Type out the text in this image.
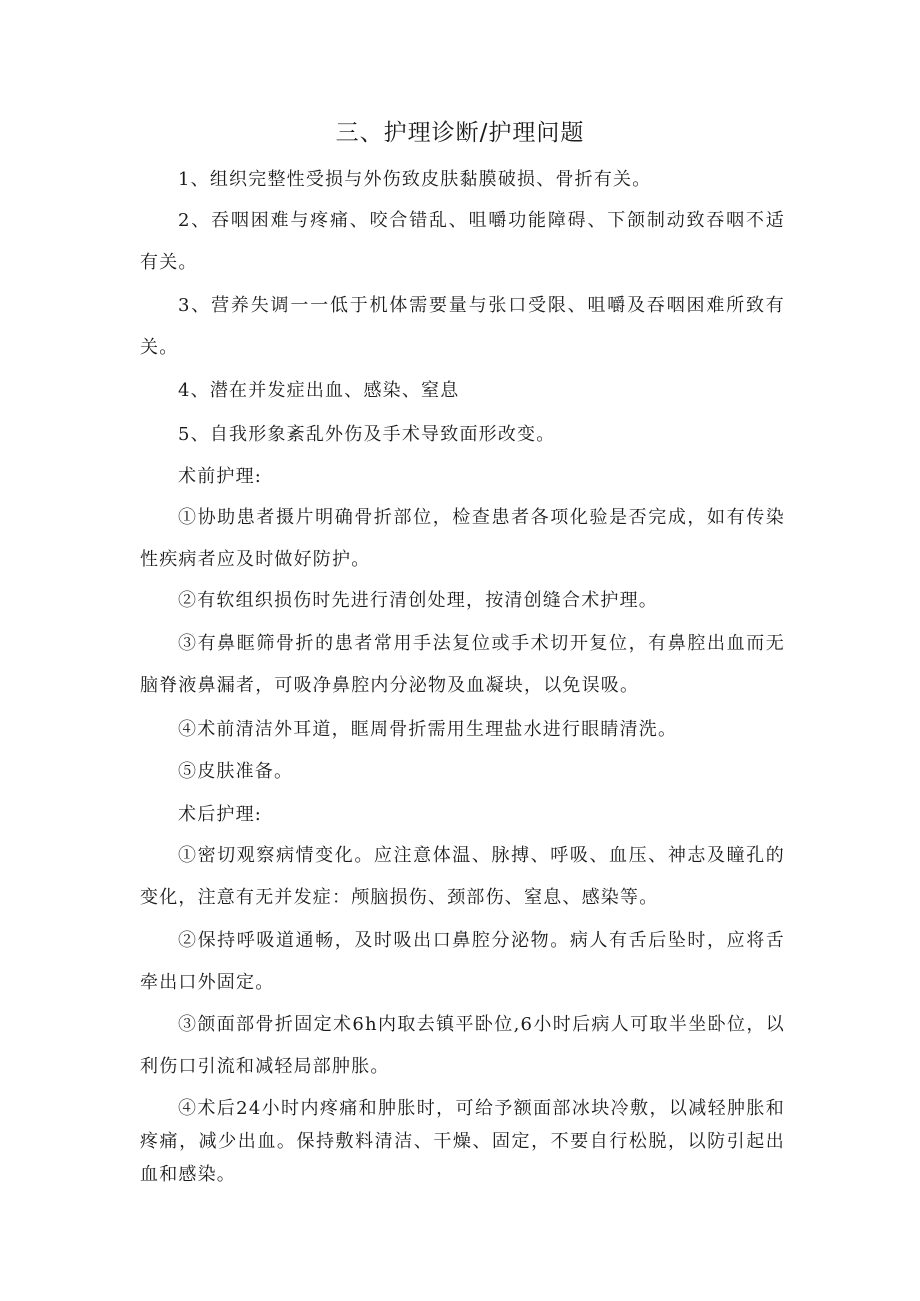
三、护理诊断/护理问题

1、组织完整性受损与外伤致皮肤黏膜破损、骨折有关。

2、吞咽困难与疼痛、咬合错乱、咀嚼功能障碍、下颌制动致吞咽不适有关。

3、营养失调一一低于机体需要量与张口受限、咀嚼及吞咽困难所致有关。

4、潜在并发症出血、感染、窒息

5、自我形象紊乱外伤及手术导致面形改变。

术前护理:

①协助患者摄片明确骨折部位，检查患者各项化验是否完成，如有传染性疾病者应及时做好防护。

②有软组织损伤时先进行清创处理，按清创缝合术护理。

③有鼻眶筛骨折的患者常用手法复位或手术切开复位，有鼻腔出血而无脑脊液鼻漏者，可吸净鼻腔内分泌物及血凝块，以免误吸。

④术前清洁外耳道，眶周骨折需用生理盐水进行眼睛清洗。

⑤皮肤准备。

术后护理:

①密切观察病情变化。应注意体温、脉搏、呼吸、血压、神志及瞳孔的变化，注意有无并发症：颅脑损伤、颈部伤、窒息、感染等。

②保持呼吸道通畅，及时吸出口鼻腔分泌物。病人有舌后坠时，应将舌牵出口外固定。

③颌面部骨折固定术6h内取去镇平卧位,6小时后病人可取半坐卧位，以利伤口引流和减轻局部肿胀。

④术后24小时内疼痛和肿胀时，可给予额面部冰块冷敷，以减轻肿胀和疼痛，减少出血。保持敷料清洁、干燥、固定，不要自行松脱，以防引起出血和感染。
